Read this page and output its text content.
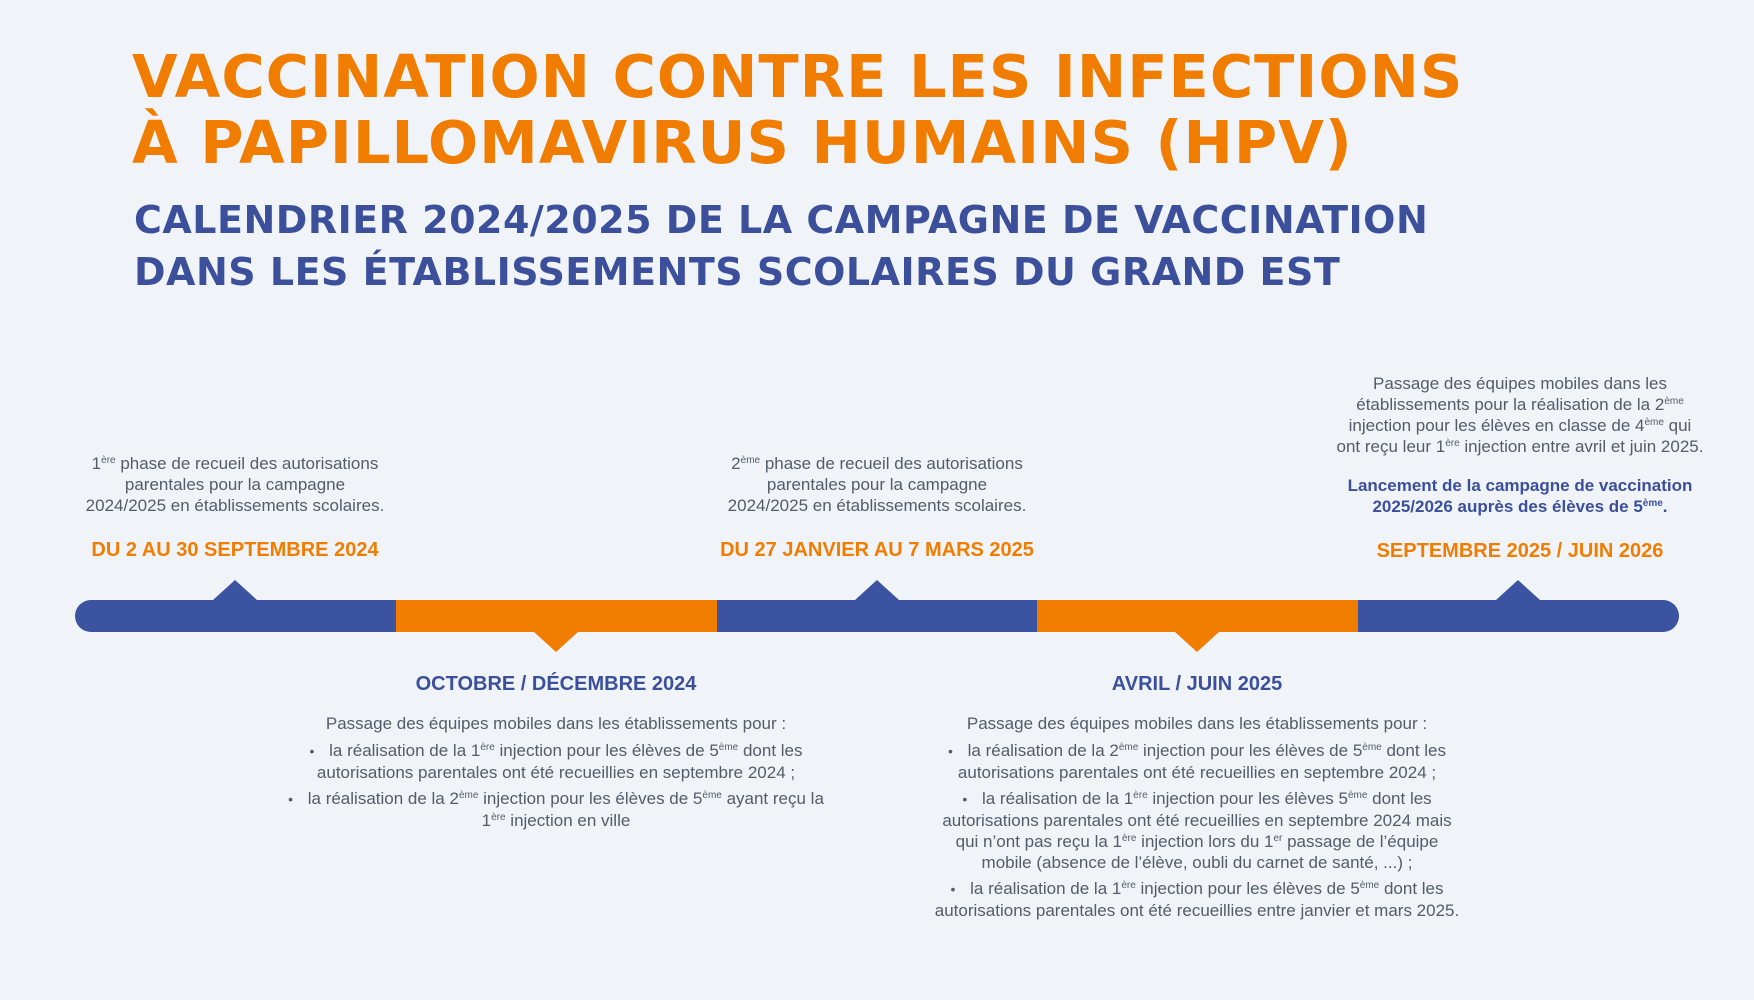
VACCINATION CONTRE LES INFECTIONS
À PAPILLOMAVIRUS HUMAINS (HPV)
CALENDRIER 2024/2025 DE LA CAMPAGNE DE VACCINATION
DANS LES ÉTABLISSEMENTS SCOLAIRES DU GRAND EST

1ère phase de recueil des autorisations

parentales pour la campagne

2024/2025 en établissements scolaires.

DU 2 AU 30 SEPTEMBRE 2024

2ème phase de recueil des autorisations

parentales pour la campagne

2024/2025 en établissements scolaires.

DU 27 JANVIER AU 7 MARS 2025

Passage des équipes mobiles dans les

établissements pour la réalisation de la 2ème

injection pour les élèves en classe de 4ème qui

ont reçu leur 1ère injection entre avril et juin 2025.

Lancement de la campagne de vaccination

2025/2026 auprès des élèves de 5ème.

SEPTEMBRE 2025 / JUIN 2026
OCTOBRE / DÉCEMBRE 2024

Passage des équipes mobiles dans les établissements pour :

• la réalisation de la 1ère injection pour les élèves de 5ème dont les
autorisations parentales ont été recueillies en septembre 2024 ;
• la réalisation de la 2ème injection pour les élèves de 5ème ayant reçu la
1ère injection en ville
AVRIL / JUIN 2025

Passage des équipes mobiles dans les établissements pour :

• la réalisation de la 2ème injection pour les élèves de 5ème dont les
autorisations parentales ont été recueillies en septembre 2024 ;
• la réalisation de la 1ère injection pour les élèves 5ème dont les
autorisations parentales ont été recueillies en septembre 2024 mais
qui n’ont pas reçu la 1ère injection lors du 1er passage de l’équipe
mobile (absence de l’élève, oubli du carnet de santé, ...) ;
• la réalisation de la 1ère injection pour les élèves de 5ème dont les
autorisations parentales ont été recueillies entre janvier et mars 2025.
